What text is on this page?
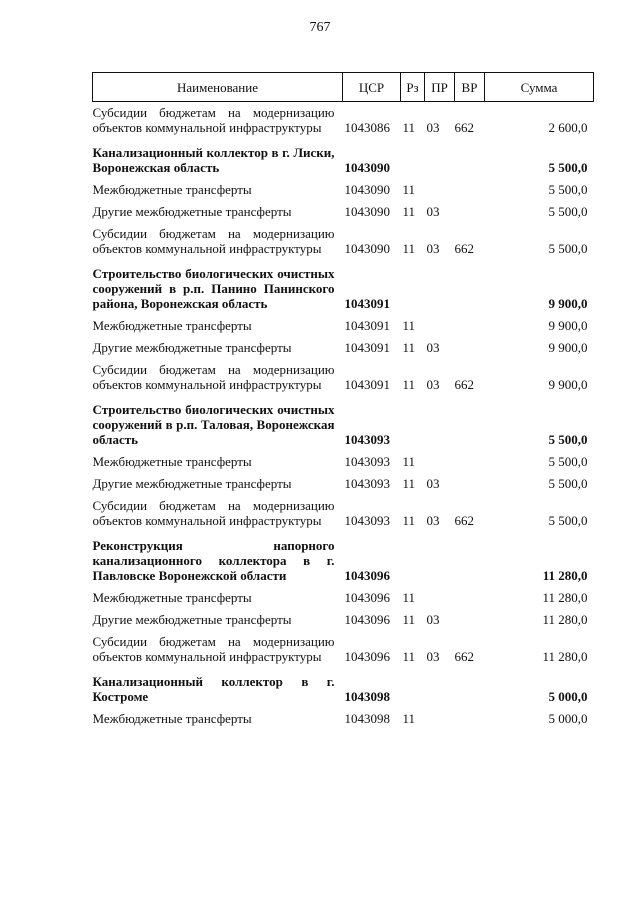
767
Наименование	ЦСР	Рз	ПР	ВР	Сумма
Субсидии бюджетам на модернизацию объектов коммунальной инфраструктуры	1043086	11	03	662	2 600,0
Канализационный коллектор в г. Лиски, Воронежская область	1043090				5 500,0
Межбюджетные трансферты	1043090	11			5 500,0
Другие межбюджетные трансферты	1043090	11	03		5 500,0
Субсидии бюджетам на модернизацию объектов коммунальной инфраструктуры	1043090	11	03	662	5 500,0
Строительство биологических очистных сооружений в р.п. Панино Панинского района, Воронежская область	1043091				9 900,0
Межбюджетные трансферты	1043091	11			9 900,0
Другие межбюджетные трансферты	1043091	11	03		9 900,0
Субсидии бюджетам на модернизацию объектов коммунальной инфраструктуры	1043091	11	03	662	9 900,0
Строительство биологических очистных сооружений в р.п. Таловая, Воронежская область	1043093				5 500,0
Межбюджетные трансферты	1043093	11			5 500,0
Другие межбюджетные трансферты	1043093	11	03		5 500,0
Субсидии бюджетам на модернизацию объектов коммунальной инфраструктуры	1043093	11	03	662	5 500,0
Реконструкция напорного канализационного коллектора в г. Павловске Воронежской области	1043096				11 280,0
Межбюджетные трансферты	1043096	11			11 280,0
Другие межбюджетные трансферты	1043096	11	03		11 280,0
Субсидии бюджетам на модернизацию объектов коммунальной инфраструктуры	1043096	11	03	662	11 280,0
Канализационный коллектор в г. Костроме	1043098				5 000,0
Межбюджетные трансферты	1043098	11			5 000,0
